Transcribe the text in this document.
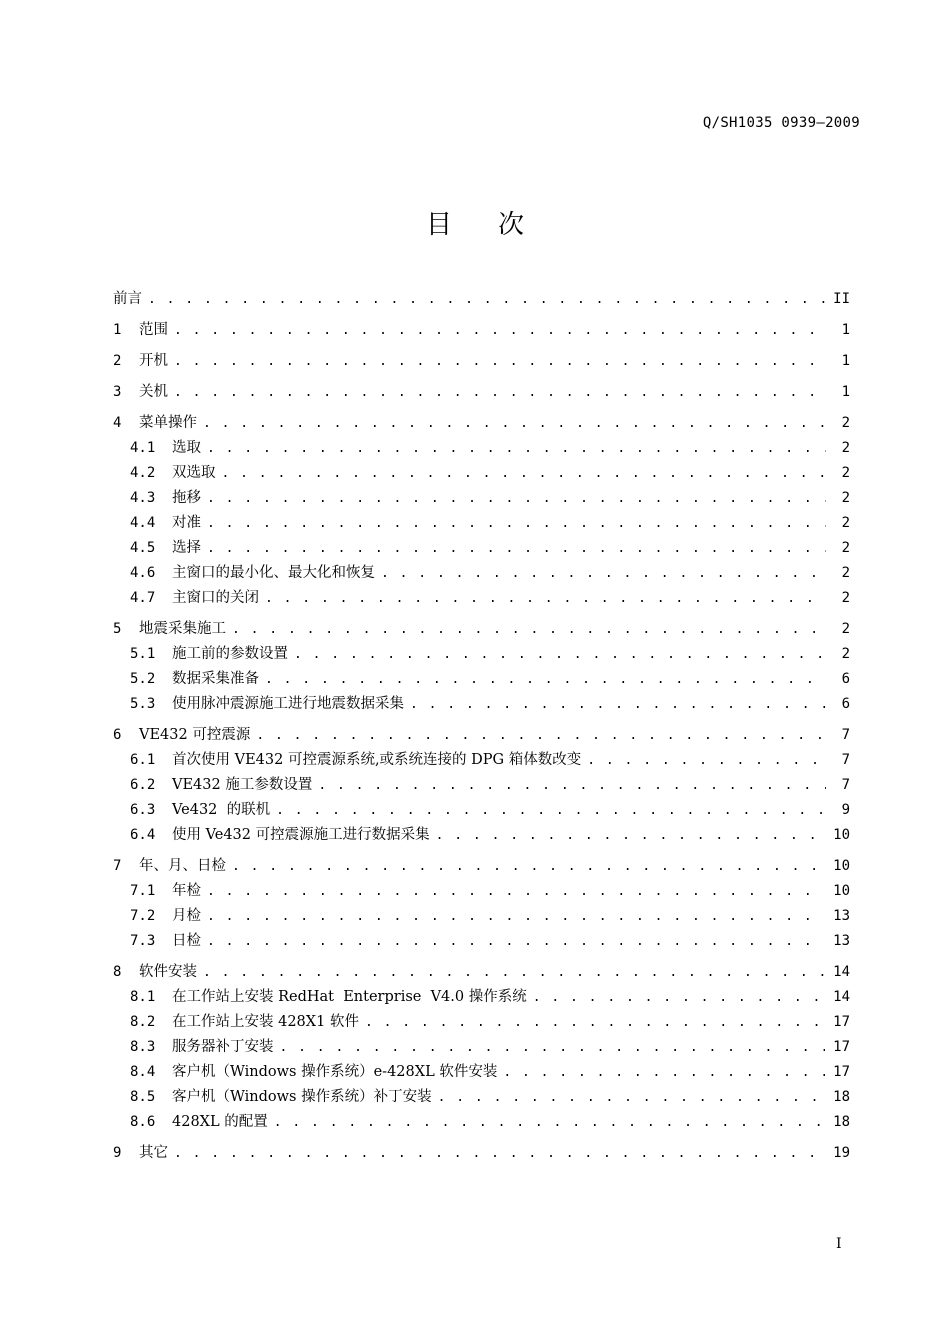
Q/SH1035 0939—2009
目次
前言 . . .	II
1	范围 . . .	1
2	开机 . . .	1
3	关机 . . .	1
4	菜单操作 . . .	2
4.1	选取 . . .	2
4.2	双选取 . . .	2
4.3	拖移 . . .	2
4.4	对准 . . .	2
4.5	选择 . . .	2
4.6	主窗口的最小化、最大化和恢复 . . .	2
4.7	主窗口的关闭 . . .	2
5	地震采集施工 . . .	2
5.1	施工前的参数设置 . . .	2
5.2	数据采集准备 . . .	6
5.3	使用脉冲震源施工进行地震数据采集 . . .	6
6	VE432 可控震源 . . .	7
6.1	首次使用 VE432 可控震源系统,或系统连接的 DPG 箱体数改变 . . .	7
6.2	VE432 施工参数设置 . . .	7
6.3	Ve432  的联机 . . .	9
6.4	使用 Ve432 可控震源施工进行数据采集 . . .	10
7	年、月、日检 . . .	10
7.1	年检 . . .	10
7.2	月检 . . .	13
7.3	日检 . . .	13
8	软件安装 . . .	14
8.1	在工作站上安装 RedHat  Enterprise  V4.0 操作系统 . . .	14
8.2	在工作站上安装 428X1 软件 . . .	17
8.3	服务器补丁安装 . . .	17
8.4	客户机（Windows 操作系统）e-428XL 软件安装 . . .	17
8.5	客户机（Windows 操作系统）补丁安装 . . .	18
8.6	428XL 的配置 . . .	18
9	其它 . . .	19
I
